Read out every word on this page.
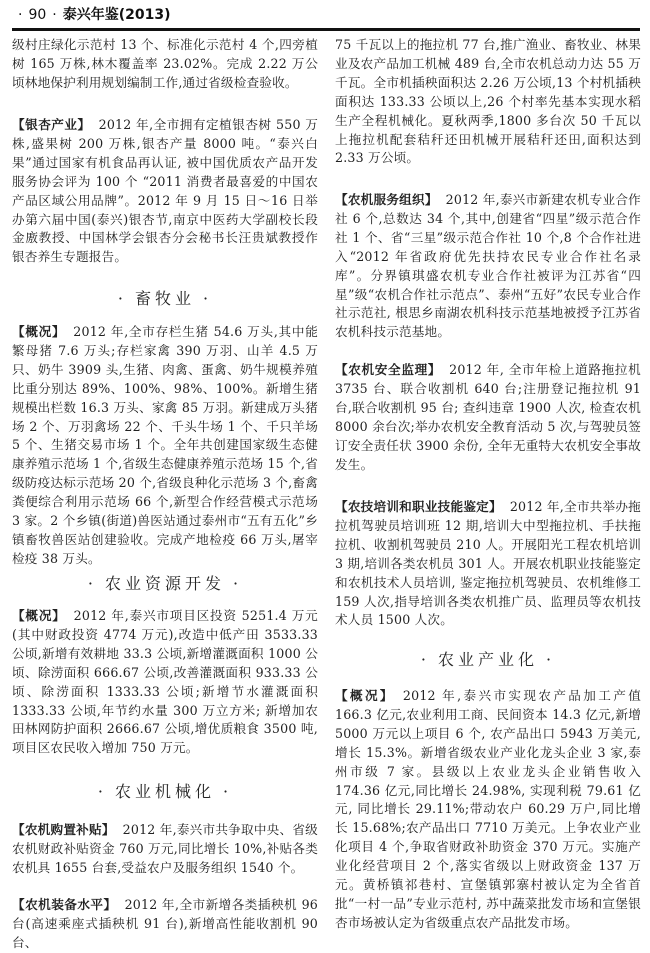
· 90 · 泰兴年鉴(2013)
级村庄绿化示范村 13 个、标准化示范村 4 个,四旁植树 165 万株,林木覆盖率 23.02%。完成 2.22 万公顷林地保护利用规划编制工作,通过省级检查验收。
【银杏产业】 2012 年,全市拥有定植银杏树 550 万株,盛果树 200 万株,银杏产量 8000 吨。“泰兴白果”通过国家有机食品再认证, 被中国优质农产品开发服务协会评为 100 个 “2011 消费者最喜爱的中国农产品区域公用品牌”。2012 年 9 月 15 日～16 日举办第六届中国(泰兴)银杏节,南京中医药大学副校长段金廒教授、中国林学会银杏分会秘书长汪贵斌教授作银杏养生专题报告。
· 畜牧业 ·
【概况】 2012 年,全市存栏生猪 54.6 万头,其中能繁母猪 7.6 万头;存栏家禽 390 万羽、山羊 4.5 万只、奶牛 3909 头,生猪、肉禽、蛋禽、奶牛规模养殖比重分别达 89%、100%、98%、100%。新增生猪规模出栏数 16.3 万头、家禽 85 万羽。新建成万头猪场 2 个、万羽禽场 22 个、千头牛场 1 个、千只羊场 5 个、生猪交易市场 1 个。全年共创建国家级生态健康养殖示范场 1 个,省级生态健康养殖示范场 15 个,省级防疫达标示范场 20 个,省级良种化示范场 3 个,畜禽粪便综合利用示范场 66 个,新型合作经营模式示范场 3 家。2 个乡镇(街道)兽医站通过泰州市“五有五化”乡镇畜牧兽医站创建验收。完成产地检疫 66 万头,屠宰检疫 38 万头。
· 农业资源开发 ·
【概况】 2012 年,泰兴市项目区投资 5251.4 万元(其中财政投资 4774 万元),改造中低产田 3533.33 公顷,新增有效耕地 33.3 公顷,新增灌溉面积 1000 公顷、除涝面积 666.67 公顷,改善灌溉面积 933.33 公顷、除涝面积 1333.33 公顷;新增节水灌溉面积 1333.33 公顷,年节约水量 300 万立方米; 新增加农田林网防护面积 2666.67 公顷,增优质粮食 3500 吨,项目区农民收入增加 750 万元。
· 农业机械化 ·
【农机购置补贴】 2012 年,泰兴市共争取中央、省级农机财政补贴资金 760 万元,同比增长 10%,补贴各类农机具 1655 台套,受益农户及服务组织 1540 个。
【农机装备水平】 2012 年,全市新增各类插秧机 96 台(高速乘座式插秧机 91 台),新增高性能收割机 90 台、
75 千瓦以上的拖拉机 77 台,推广渔业、畜牧业、林果业及农产品加工机械 489 台,全市农机总动力达 55 万千瓦。全市机插秧面积达 2.26 万公顷,13 个村机插秧面积达 133.33 公顷以上,26 个村率先基本实现水稻生产全程机械化。夏秋两季,1800 多台次 50 千瓦以上拖拉机配套秸秆还田机械开展秸秆还田,面积达到 2.33 万公顷。
【农机服务组织】 2012 年,泰兴市新建农机专业合作社 6 个,总数达 34 个,其中,创建省“四星”级示范合作社 1 个、省“三星”级示范合作社 10 个,8 个合作社进入“2012 年省政府优先扶持农民专业合作社名录库”。分界镇琪盛农机专业合作社被评为江苏省“四星”级“农机合作社示范点”、泰州“五好”农民专业合作社示范社, 根思乡南湖农机科技示范基地被授予江苏省农机科技示范基地。
【农机安全监理】 2012 年, 全市年检上道路拖拉机 3735 台、联合收割机 640 台;注册登记拖拉机 91 台,联合收割机 95 台; 查纠违章 1900 人次, 检查农机 8000 余台次;举办农机安全教育活动 5 次,与驾驶员签订安全责任状 3900 余份, 全年无重特大农机安全事故发生。
【农技培训和职业技能鉴定】 2012 年,全市共举办拖拉机驾驶员培训班 12 期,培训大中型拖拉机、手扶拖拉机、收割机驾驶员 210 人。开展阳光工程农机培训 3 期,培训各类农机员 301 人。开展农机职业技能鉴定和农机技术人员培训, 鉴定拖拉机驾驶员、农机维修工 159 人次,指导培训各类农机推广员、监理员等农机技术人员 1500 人次。
· 农业产业化 ·
【概况】 2012 年,泰兴市实现农产品加工产值 166.3 亿元,农业利用工商、民间资本 14.3 亿元,新增 5000 万元以上项目 6 个, 农产品出口 5943 万美元, 增长 15.3%。新增省级农业产业化龙头企业 3 家,泰州市级 7 家。县级以上农业龙头企业销售收入 174.36 亿元,同比增长 24.98%, 实现利税 79.61 亿元, 同比增长 29.11%;带动农户 60.29 万户,同比增长 15.68%;农产品出口 7710 万美元。上争农业产业化项目 4 个,争取省财政补助资金 370 万元。实施产业化经营项目 2 个,落实省级以上财政资金 137 万元。黄桥镇祁巷村、宣堡镇郭寨村被认定为全省首批“一村一品”专业示范村, 苏中蔬菜批发市场和宣堡银杏市场被认定为省级重点农产品批发市场。
